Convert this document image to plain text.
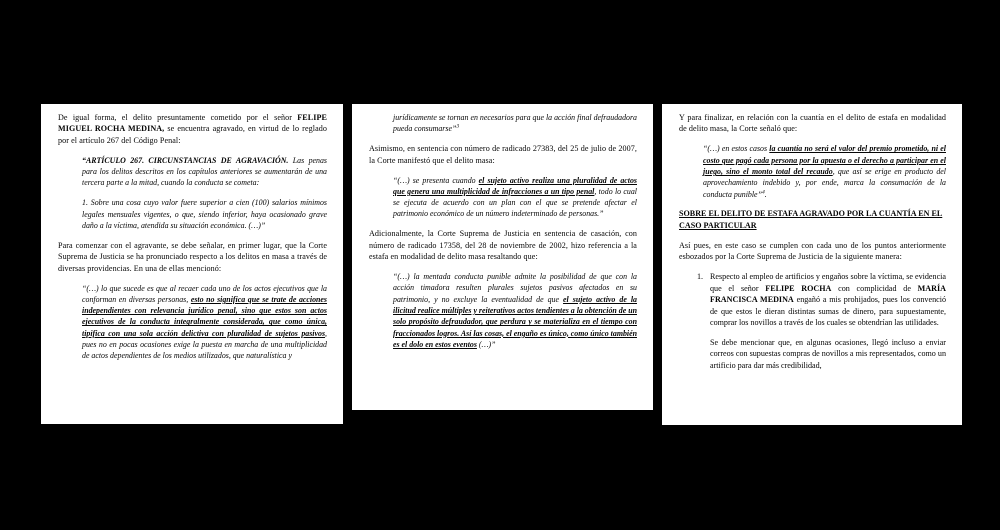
De igual forma, el delito presuntamente cometido por el señor FELIPE MIGUEL ROCHA MEDINA, se encuentra agravado, en virtud de lo reglado por el artículo 267 del Código Penal:

“ARTÍCULO 267. CIRCUNSTANCIAS DE AGRAVACIÓN. Las penas para los delitos descritos en los capítulos anteriores se aumentarán de una tercera parte a la mitad, cuando la conducta se cometa:

1. Sobre una cosa cuyo valor fuere superior a cien (100) salarios mínimos legales mensuales vigentes, o que, siendo inferior, haya ocasionado grave daño a la víctima, atendida su situación económica. (…)”

Para comenzar con el agravante, se debe señalar, en primer lugar, que la Corte Suprema de Justicia se ha pronunciado respecto a los delitos en masa a través de diversas providencias. En una de ellas mencionó:

“(…) lo que sucede es que al recaer cada uno de los actos ejecutivos que la conforman en diversas personas, esto no significa que se trate de acciones independientes con relevancia jurídico penal, sino que estos son actos ejecutivos de la conducta integralmente considerada, que como única, tipifica con una sola acción delictiva con pluralidad de sujetos pasivos, pues no en pocas ocasiones exige la puesta en marcha de una multiplicidad de actos dependientes de los medios utilizados, que naturalística y

jurídicamente se tornan en necesarios para que la acción final defraudadora pueda consumarse”$^3$

Asimismo, en sentencia con número de radicado 27383, del 25 de julio de 2007, la Corte manifestó que el delito masa:

“(…) se presenta cuando el sujeto activo realiza una pluralidad de actos que genera una multiplicidad de infracciones a un tipo penal, todo lo cual se ejecuta de acuerdo con un plan con el que se pretende afectar el patrimonio económico de un número indeterminado de personas.”

Adicionalmente, la Corte Suprema de Justicia en sentencia de casación, con número de radicado 17358, del 28 de noviembre de 2002, hizo referencia a la estafa en modalidad de delito masa resaltando que:

“(…) la mentada conducta punible admite la posibilidad de que con la acción timadora resulten plurales sujetos pasivos afectados en su patrimonio, y no excluye la eventualidad de que el sujeto activo de la ilicitud realice múltiples y reiterativos actos tendientes a la obtención de un solo propósito defraudador, que perdura y se materializa en el tiempo con fraccionados logros. Así las cosas, el engaño es único, como único también es el dolo en estos eventos (…)”

Y para finalizar, en relación con la cuantía en el delito de estafa en modalidad de delito masa, la Corte señaló que:

“(…) en estos casos la cuantía no será el valor del premio prometido, ni el costo que pagó cada persona por la apuesta o el derecho a participar en el juego, sino el monto total del recaudo, que así se erige en producto del aprovechamiento indebido y, por ende, marca la consumación de la conducta punible”$^4$.

SOBRE EL DELITO DE ESTAFA AGRAVADO POR LA CUANTÍA EN EL CASO PARTICULAR

Así pues, en este caso se cumplen con cada uno de los puntos anteriormente esbozados por la Corte Suprema de Justicia de la siguiente manera:

1. Respecto al empleo de artificios y engaños sobre la víctima, se evidencia que el señor FELIPE ROCHA con complicidad de MARÍA FRANCISCA MEDINA engañó a mis prohijados, pues los convenció de que estos le dieran distintas sumas de dinero, para supuestamente, comprar los novillos a través de los cuales se obtendrían las utilidades.
Se debe mencionar que, en algunas ocasiones, llegó incluso a enviar correos con supuestas compras de novillos a mis representados, como un artificio para dar más credibilidad,
